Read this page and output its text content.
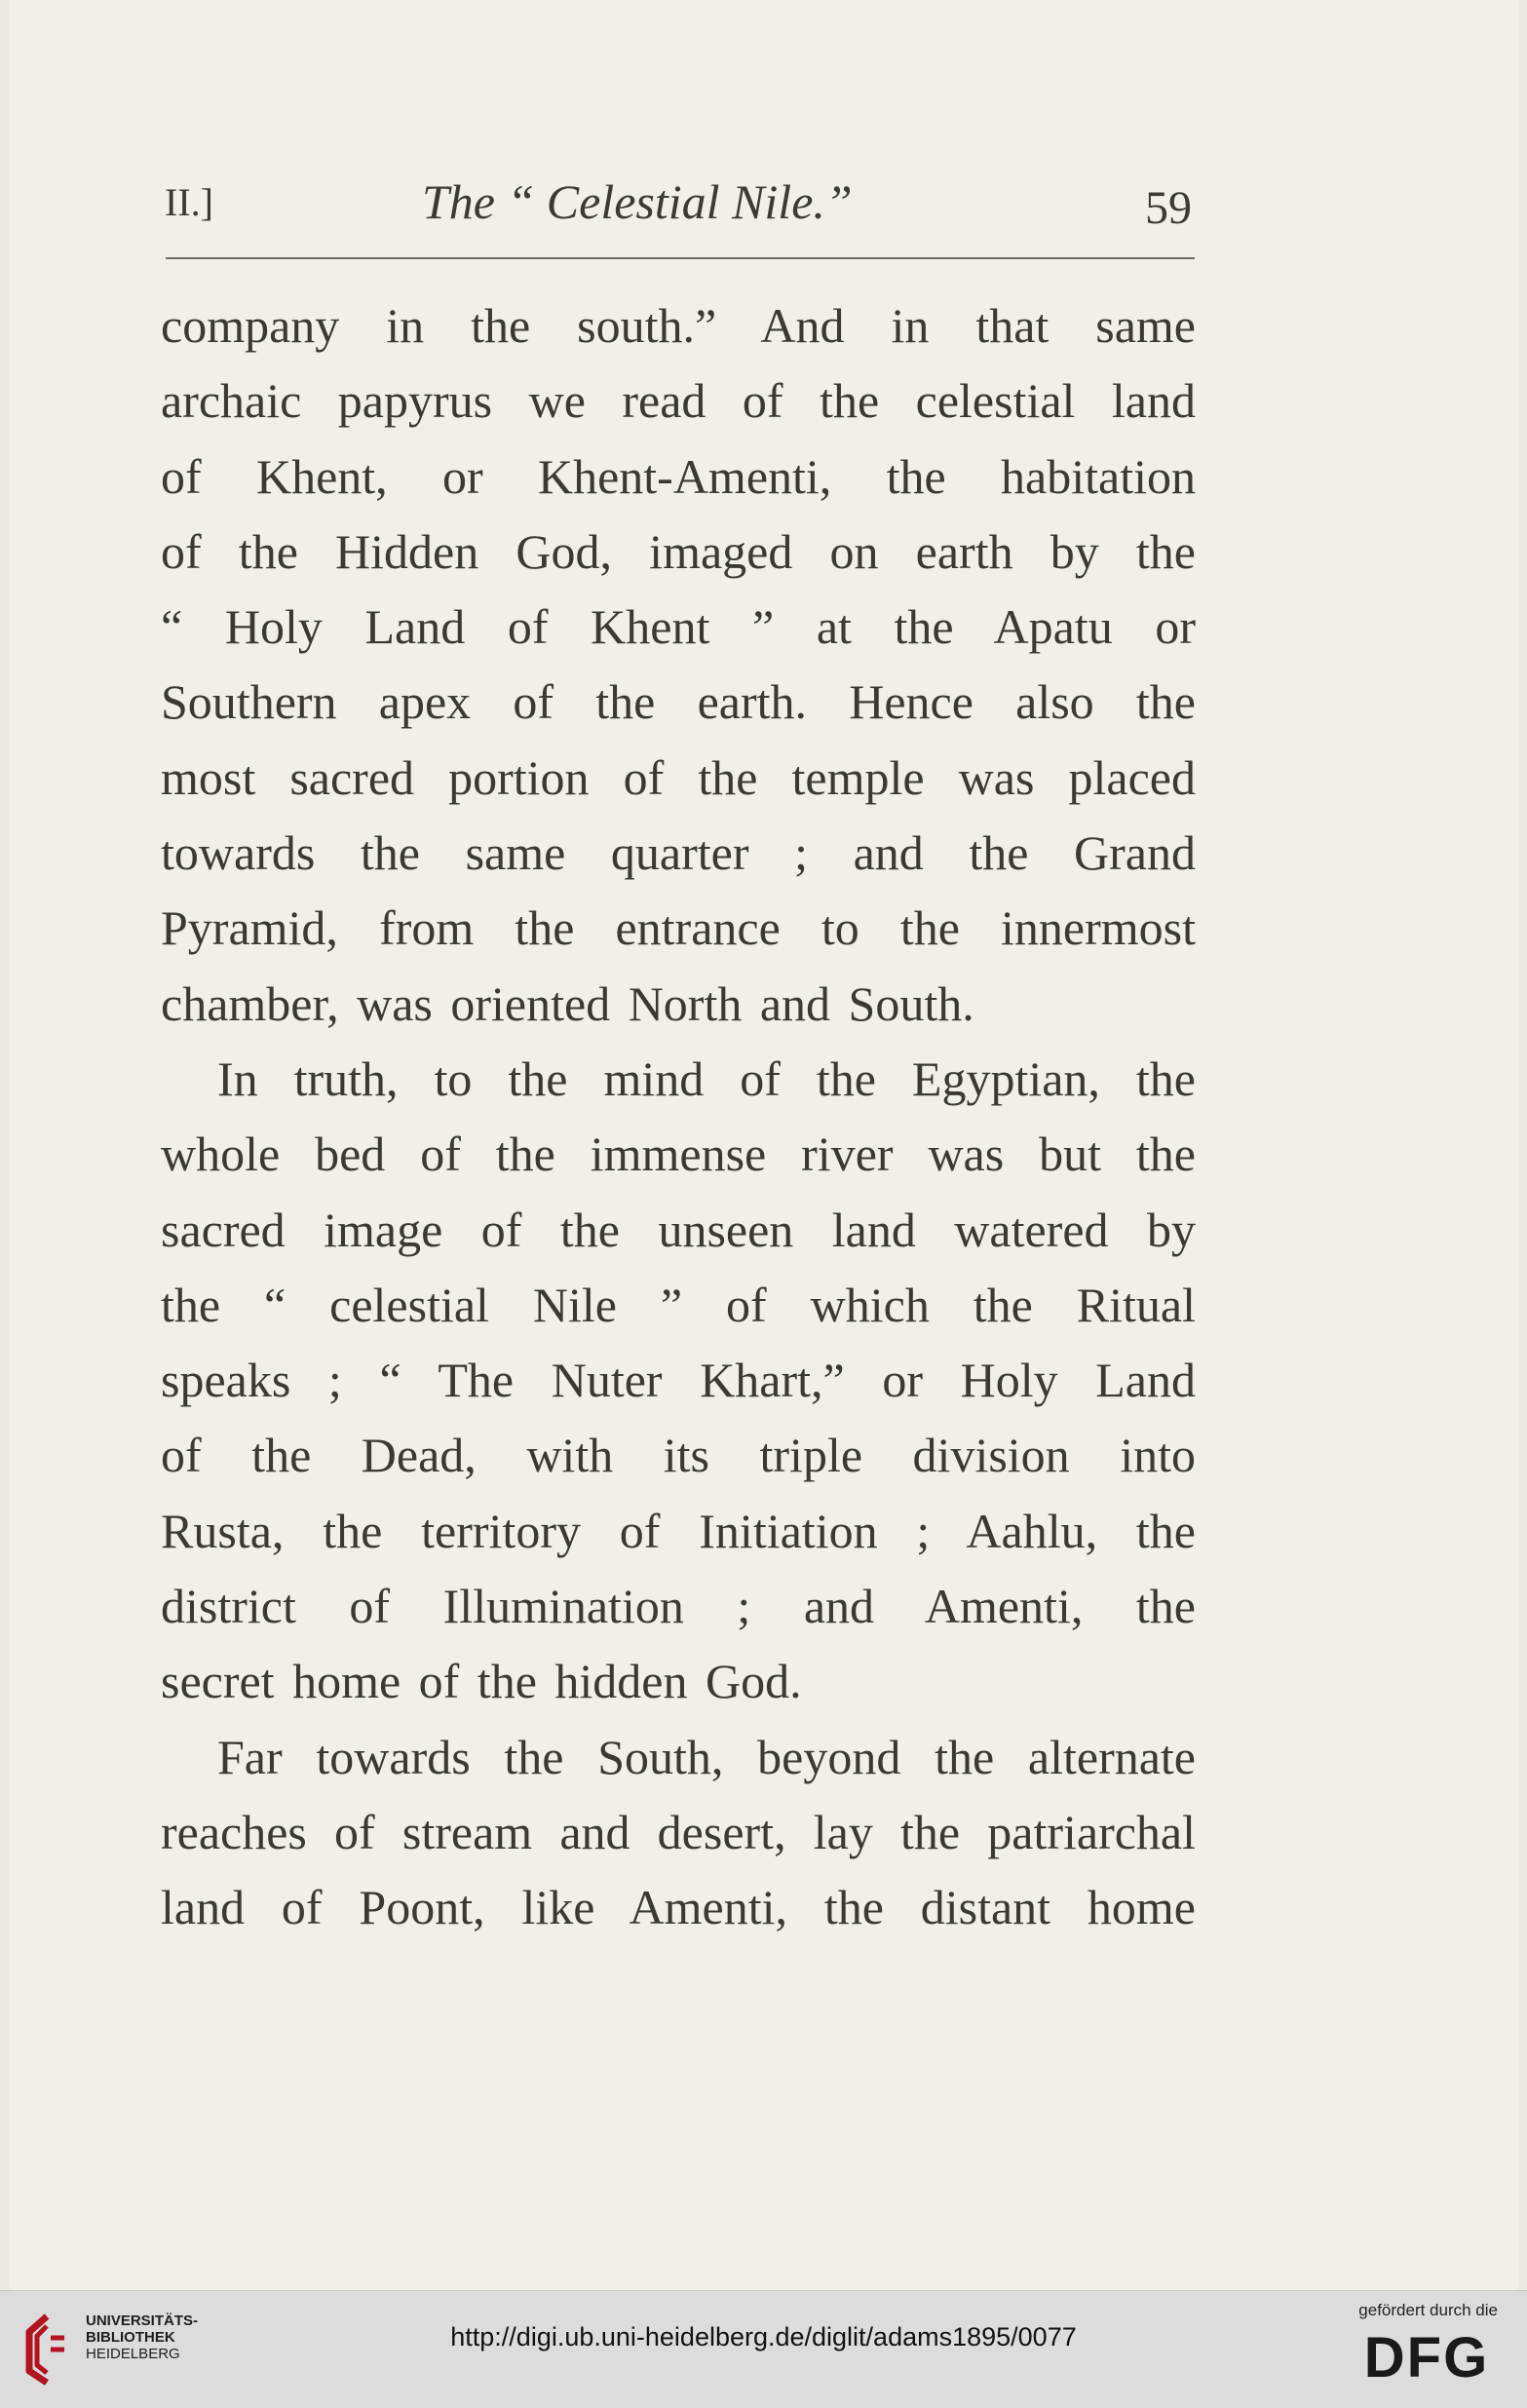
II.]	The “ Celestial Nile.”	59
company in the south.” And in that same
archaic papyrus we read of the celestial land
of Khent, or Khent-Amenti, the habitation
of the Hidden God, imaged on earth by the
“ Holy Land of Khent ” at the Apatu or
Southern apex of the earth. Hence also the
most sacred portion of the temple was placed
towards the same quarter ; and the Grand
Pyramid, from the entrance to the innermost
chamber, was oriented North and South.
In truth, to the mind of the Egyptian, the
whole bed of the immense river was but the
sacred image of the unseen land watered by
the “ celestial Nile ” of which the Ritual
speaks ; “ The Nuter Khart,” or Holy Land
of the Dead, with its triple division into
Rusta, the territory of Initiation ; Aahlu, the
district of Illumination ; and Amenti, the
secret home of the hidden God.
Far towards the South, beyond the alternate
reaches of stream and desert, lay the patriarchal
land of Poont, like Amenti, the distant home
UNIVERSITÄTS-
BIBLIOTHEK
HEIDELBERG
http://digi.ub.uni-heidelberg.de/diglit/adams1895/0077
gefördert durch die
DFG
